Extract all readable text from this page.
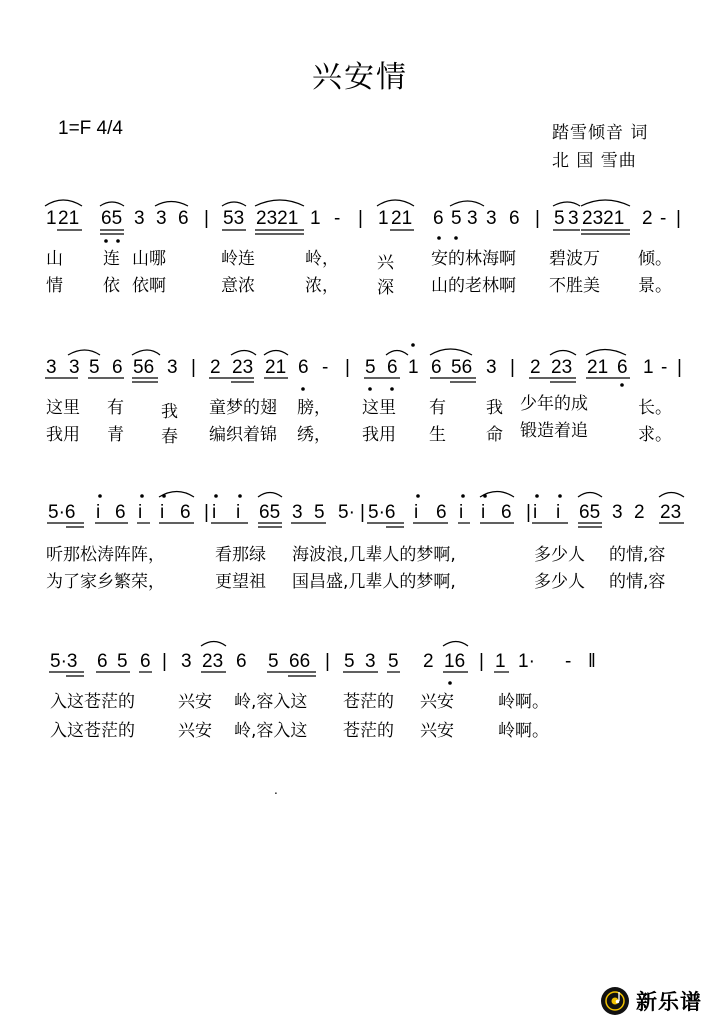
兴安情
1=F 4/4	踏雪倾音 词
北 国 雪曲
1 21 65 3 3 6 | 53 2321 1 - | 1 21 6 5 3 3 6 | 5 3 2321 2 - |
山 连 山哪	岭连	岭， 兴 安的林海啊 碧波万 倾。
情 依 依啊	意浓	浓， 深 山的老林啊 不胜美 景。
3 3 5 6 56 3 | 2 23 21 6 - | 5 6 1 6 56 3 | 2 23 21 6 1 - |
这里 有 我 童梦的翅 膀， 这里 有 我 少年的成	长。
我用 青 春 编织着锦 绣， 我用 生 命 锻造着追	求。
5·6 i 6 i i 6 | i i 65 3 5 5· | 5·6 i 6 i i 6 | i i 65 3 2 23
听那松涛阵阵，	看那绿 海波浪,几辈人的梦啊,	多少人 的情,容
为了家乡繁荣，	更望祖 国昌盛,几辈人的梦啊,	多少人 的情,容
5·3 6 5 6 | 3 23 6 5 66 | 5 3 5 2 16 | 1 1· - ‖
入这苍茫的	兴安 岭,容入这 苍茫的 兴安	岭啊。
入这苍茫的	兴安 岭,容入这 苍茫的 兴安	岭啊。
.
新乐谱
